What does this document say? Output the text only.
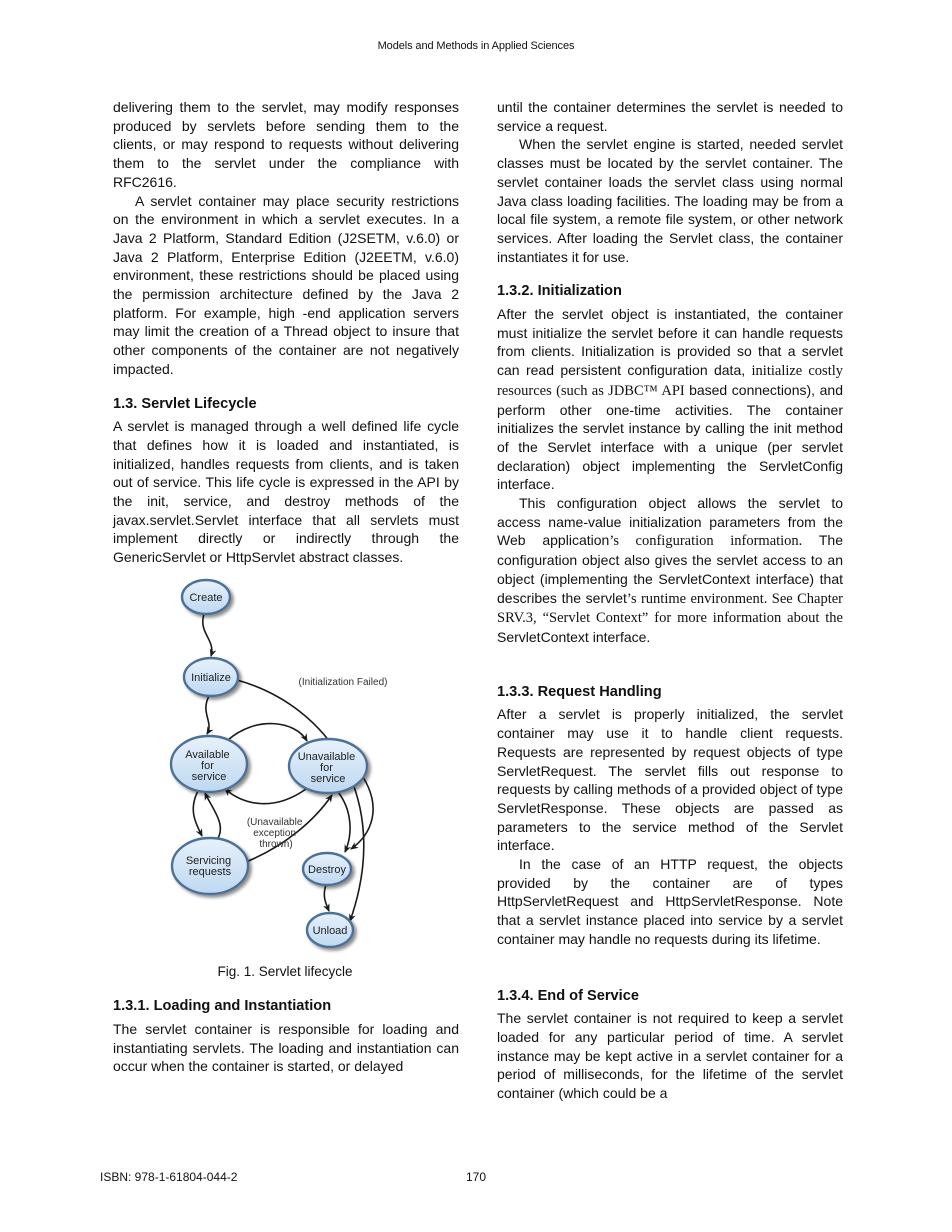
Models and Methods in Applied Sciences

delivering them to the servlet, may modify responses produced by servlets before sending them to the clients, or may respond to requests without delivering them to the servlet under the compliance with RFC2616.

A servlet container may place security restrictions on the environment in which a servlet executes. In a Java 2 Platform, Standard Edition (J2SETM, v.6.0) or Java 2 Platform, Enterprise Edition (J2EETM, v.6.0) environment, these restrictions should be placed using the permission architecture defined by the Java 2 platform. For example, high -end application servers may limit the creation of a Thread object to insure that other components of the container are not negatively impacted.

1.3. Servlet Lifecycle

A servlet is managed through a well defined life cycle that defines how it is loaded and instantiated, is initialized, handles requests from clients, and is taken out of service. This life cycle is expressed in the API by the init, service, and destroy methods of the javax.servlet.Servlet interface that all servlets must implement directly or indirectly through the GenericServlet or HttpServlet abstract classes.

Create
Initialize
Available for service
Unavailable for service
Servicing requests	Destroy
Unload
(Initialization Failed)
(Unavailable exception thrown)
Fig. 1. Servlet lifecycle
1.3.1. Loading and Instantiation

The servlet container is responsible for loading and instantiating servlets. The loading and instantiation can occur when the container is started, or delayed

until the container determines the servlet is needed to service a request.

When the servlet engine is started, needed servlet classes must be located by the servlet container. The servlet container loads the servlet class using normal Java class loading facilities. The loading may be from a local file system, a remote file system, or other network services. After loading the Servlet class, the container instantiates it for use.

1.3.2. Initialization

After the servlet object is instantiated, the container must initialize the servlet before it can handle requests from clients. Initialization is provided so that a servlet can read persistent configuration data, initialize costly resources (such as JDBC™ API based connections), and perform other one-time activities. The container initializes the servlet instance by calling the init method of the Servlet interface with a unique (per servlet declaration) object implementing the ServletConfig interface.

This configuration object allows the servlet to access name-value initialization parameters from the Web application’s configuration information. The configuration object also gives the servlet access to an object (implementing the ServletContext interface) that describes the servlet’s runtime environment. See Chapter SRV.3, “Servlet Context” for more information about the ServletContext interface.

1.3.3. Request Handling

After a servlet is properly initialized, the servlet container may use it to handle client requests. Requests are represented by request objects of type ServletRequest. The servlet fills out response to requests by calling methods of a provided object of type ServletResponse. These objects are passed as parameters to the service method of the Servlet interface.

In the case of an HTTP request, the objects provided by the container are of types HttpServletRequest and HttpServletResponse. Note that a servlet instance placed into service by a servlet container may handle no requests during its lifetime.

1.3.4. End of Service

The servlet container is not required to keep a servlet loaded for any particular period of time. A servlet instance may be kept active in a servlet container for a period of milliseconds, for the lifetime of the servlet container (which could be a

170
ISBN: 978-1-61804-044-2
